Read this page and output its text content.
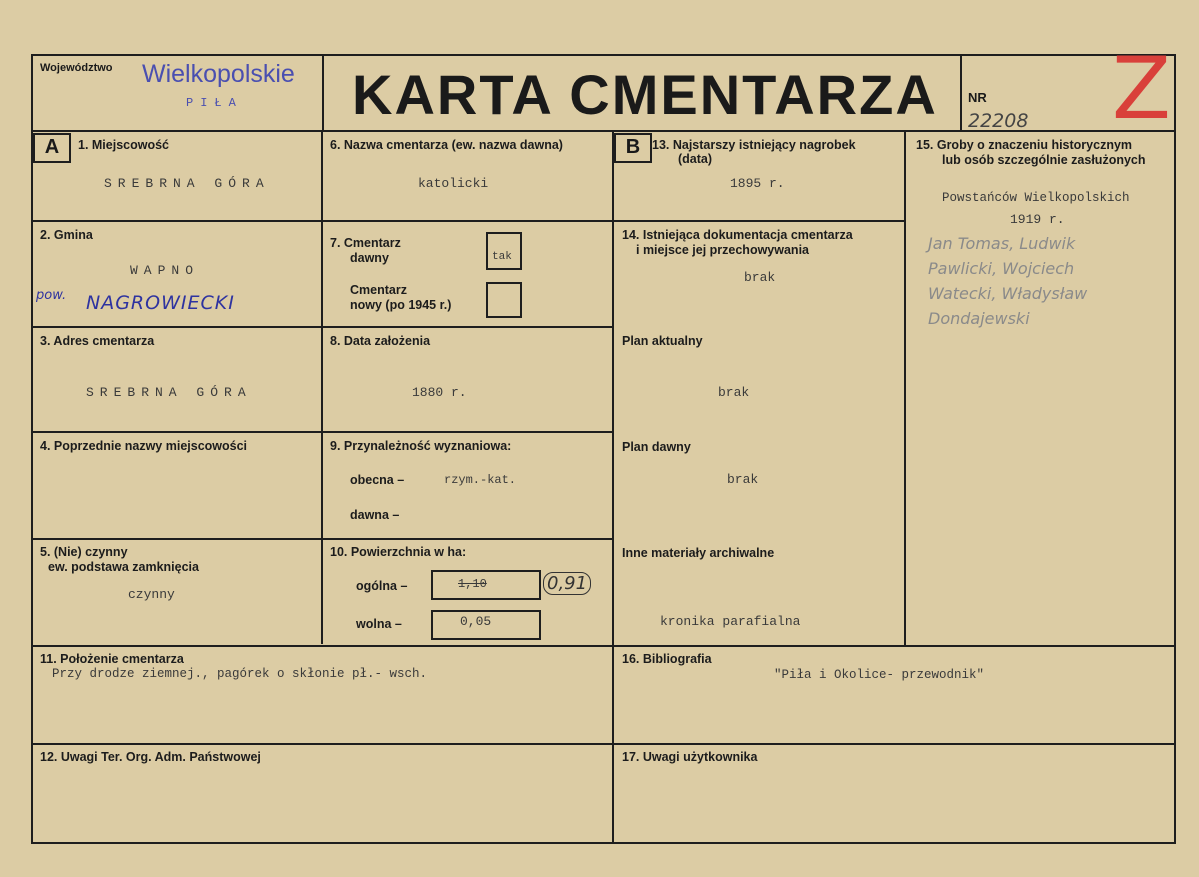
Województwo Wielkopolskie
PIŁA KARTA CMENTARZA NR
22208 Z
A	B
1. Miejscowość
SREBRNA GÓRA
2. Gmina
WAPNO
pow. NAGROWIECKI
3. Adres cmentarza
SREBRNA GÓRA
4. Poprzednie nazwy miejscowości
5. (Nie) czynny
ew. podstawa zamknięcia
czynny
6. Nazwa cmentarza (ew. nazwa dawna)
katolicki
7. Cmentarz
dawny	tak
Cmentarz
nowy (po 1945 r.)
8. Data założenia
1880 r.
9. Przynależność wyznaniowa:
obecna –	rzym.-kat.
dawna –
10. Powierzchnia w ha:
ogólna –	1,10	0,91
wolna –	0,05
11. Położenie cmentarza
Przy drodze ziemnej., pagórek o skłonie pł.- wsch.
12. Uwagi Ter. Org. Adm. Państwowej
13. Najstarszy istniejący nagrobek
(data)
1895 r.
14. Istniejąca dokumentacja cmentarza
i miejsce jej przechowywania
brak
Plan aktualny
brak
Plan dawny
brak
Inne materiały archiwalne
kronika parafialna
15. Groby o znaczeniu historycznym
lub osób szczególnie zasłużonych
Powstańców Wielkopolskich
1919 r.
Jan Tomas, Ludwik
Pawlicki, Wojciech
Watecki, Władysław
Dondajewski
16. Bibliografia
"Piła i Okolice- przewodnik"
17. Uwagi użytkownika
